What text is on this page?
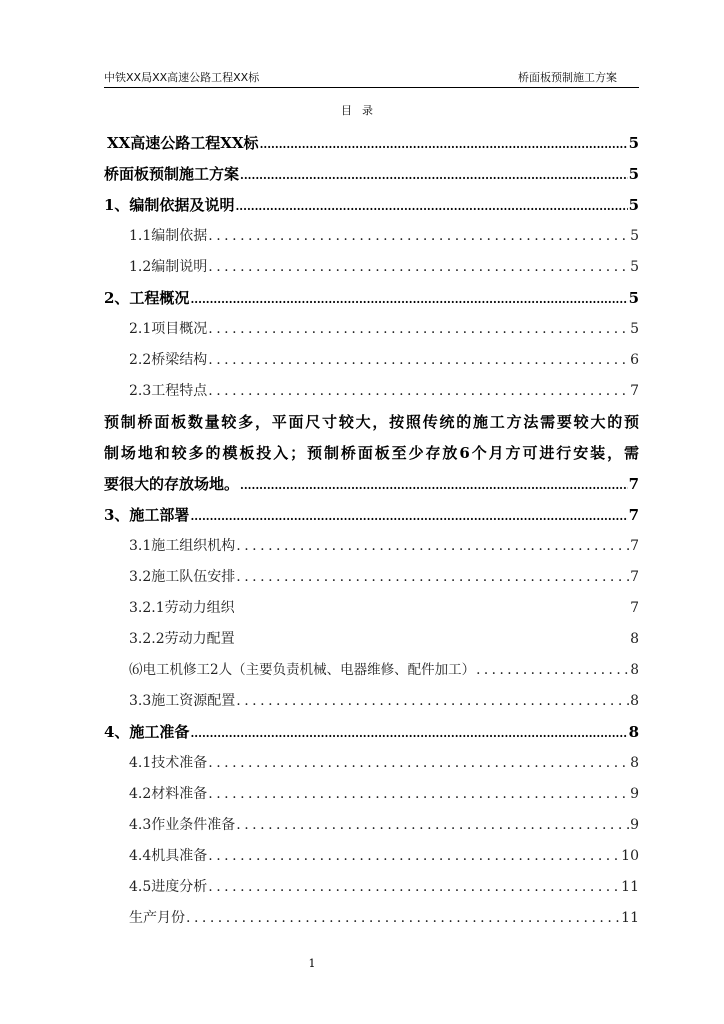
中铁XX局XX高速公路工程XX标	桥面板预制施工方案
目录
XX高速公路工程XX标 .....	5
桥面板预制施工方案 .....	5
1、编制依据及说明 .....	5
1.1编制依据 .....	5
1.2编制说明 .....	5
2、工程概况 .....	5
2.1项目概况 .....	5
2.2桥梁结构 .....	6
2.3工程特点 .....	7
预制桥面板数量较多，平面尺寸较大，按照传统的施工方法需要较大的预
制场地和较多的模板投入；预制桥面板至少存放6个月方可进行安装，需
要很大的存放场地。 .....	7
3、施工部署 .....	7
3.1施工组织机构 .....	7
3.2施工队伍安排 .....	7
3.2.1劳动力组织	7
3.2.2劳动力配置	8
⑹电工机修工2人（主要负责机械、电器维修、配件加工） .....	8
3.3施工资源配置 .....	8
4、施工准备 .....	8
4.1技术准备 .....	8
4.2材料准备 .....	9
4.3作业条件准备 .....	9
4.4机具准备 .....	10
4.5进度分析 .....	11
生产月份 .....	11
1
